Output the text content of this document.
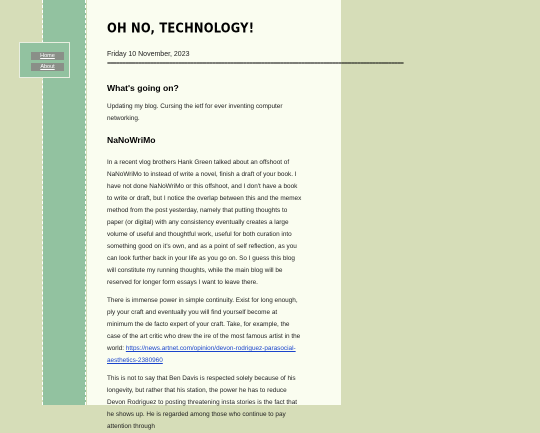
Home
About
OH NO, TECHNOLOGY!
Friday 10 November, 2023
================================================================================================
What's going on?

Updating my blog. Cursing the ietf for ever inventing computer networking.

NaNoWriMo

In a recent vlog brothers Hank Green talked about an offshoot of NaNoWriMo to instead of write a novel, finish a draft of your book. I have not done NaNoWriMo or this offshoot, and I don't have a book to write or draft, but I notice the overlap between this and the memex method from the post yesterday, namely that putting thoughts to paper (or digital) with any consistency eventually creates a large volume of useful and thoughtful work, useful for both curation into something good on it's own, and as a point of self reflection, as you can look further back in your life as you go on. So I guess this blog will constitute my running thoughts, while the main blog will be reserved for longer form essays I want to leave there.

There is immense power in simple continuity. Exist for long enough, ply your craft and eventually you will find yourself become at minimum the de facto expert of your craft. Take, for example, the case of the art critic who drew the ire of the most famous artist in the world: https://news.artnet.com/opinion/devon-rodriguez-parasocial-aesthetics-2380960

This is not to say that Ben Davis is respected solely because of his longevity, but rather that his station, the power he has to reduce Devon Rodriguez to posting threatening insta stories is the fact that he shows up. He is regarded among those who continue to pay attention through
